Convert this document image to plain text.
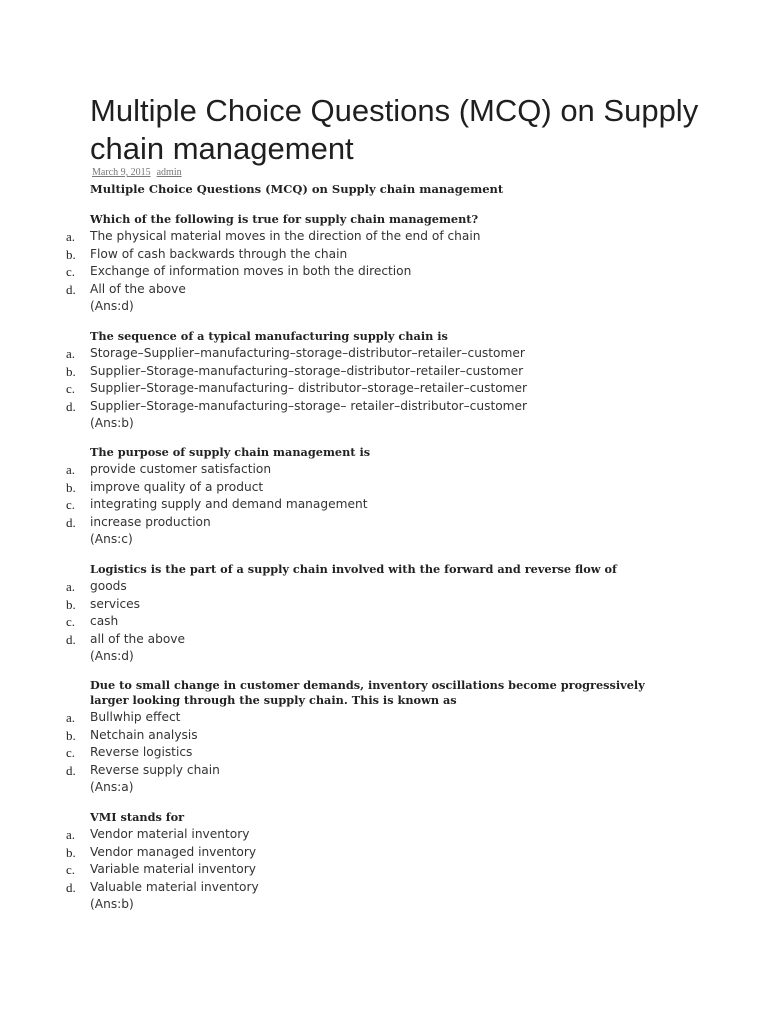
Multiple Choice Questions (MCQ) on Supply chain management
March 9, 2015 admin
Multiple Choice Questions (MCQ) on Supply chain management
Which of the following is true for supply chain management?
a. The physical material moves in the direction of the end of chain
b. Flow of cash backwards through the chain
c. Exchange of information moves in both the direction
d. All of the above
(Ans:d)
The sequence of a typical manufacturing supply chain is
a. Storage–Supplier–manufacturing–storage–distributor–retailer–customer
b. Supplier–Storage-manufacturing–storage–distributor–retailer–customer
c. Supplier–Storage-manufacturing– distributor–storage–retailer–customer
d. Supplier–Storage-manufacturing–storage– retailer–distributor–customer
(Ans:b)
The purpose of supply chain management is
a. provide customer satisfaction
b. improve quality of a product
c. integrating supply and demand management
d. increase production
(Ans:c)
Logistics is the part of a supply chain involved with the forward and reverse flow of
a. goods
b. services
c. cash
d. all of the above
(Ans:d)
Due to small change in customer demands, inventory oscillations become progressively larger looking through the supply chain. This is known as
a. Bullwhip effect
b. Netchain analysis
c. Reverse logistics
d. Reverse supply chain
(Ans:a)
VMI stands for
a. Vendor material inventory
b. Vendor managed inventory
c. Variable material inventory
d. Valuable material inventory
(Ans:b)
